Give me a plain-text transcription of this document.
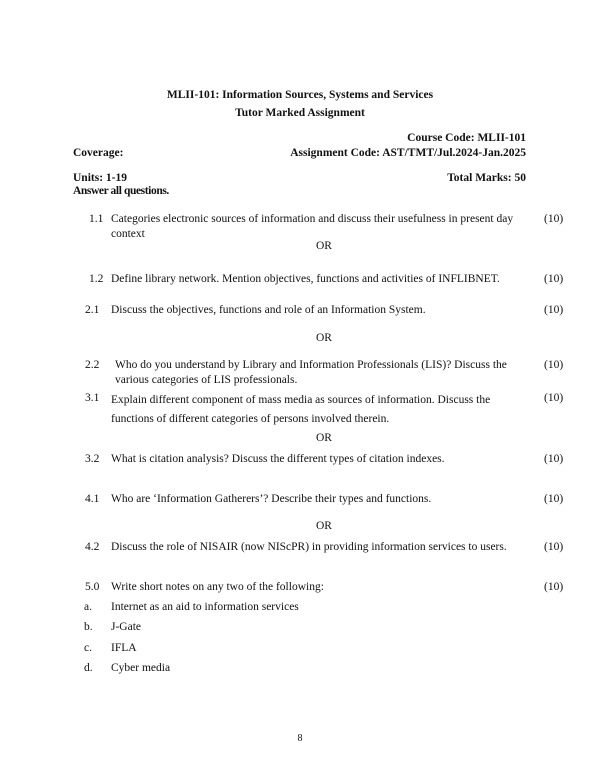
MLII-101: Information Sources, Systems and Services
Tutor Marked Assignment
Course Code: MLII-101
Coverage:	Assignment Code: AST/TMT/Jul.2024-Jan.2025
Units: 1-19	Total Marks: 50
Answer all questions.
1.1 Categories electronic sources of information and discuss their usefulness in present day context
(10)
OR
1.2 Define library network. Mention objectives, functions and activities of INFLIBNET.	(10)
2.1 Discuss the objectives, functions and role of an Information System.	(10)
OR
2.2 Who do you understand by Library and Information Professionals (LIS)? Discuss the various categories of LIS professionals.
(10)
3.1 Explain different component of mass media as sources of information. Discuss the functions of different categories of persons involved therein.
(10)
OR
3.2 What is citation analysis? Discuss the different types of citation indexes.	(10)
4.1 Who are ‘Information Gatherers’? Describe their types and functions.	(10)
OR
4.2 Discuss the role of NISAIR (now NIScPR) in providing information services to users.	(10)
5.0 Write short notes on any two of the following:	(10)
a. Internet as an aid to information services
b. J-Gate
c. IFLA
d. Cyber media
8
